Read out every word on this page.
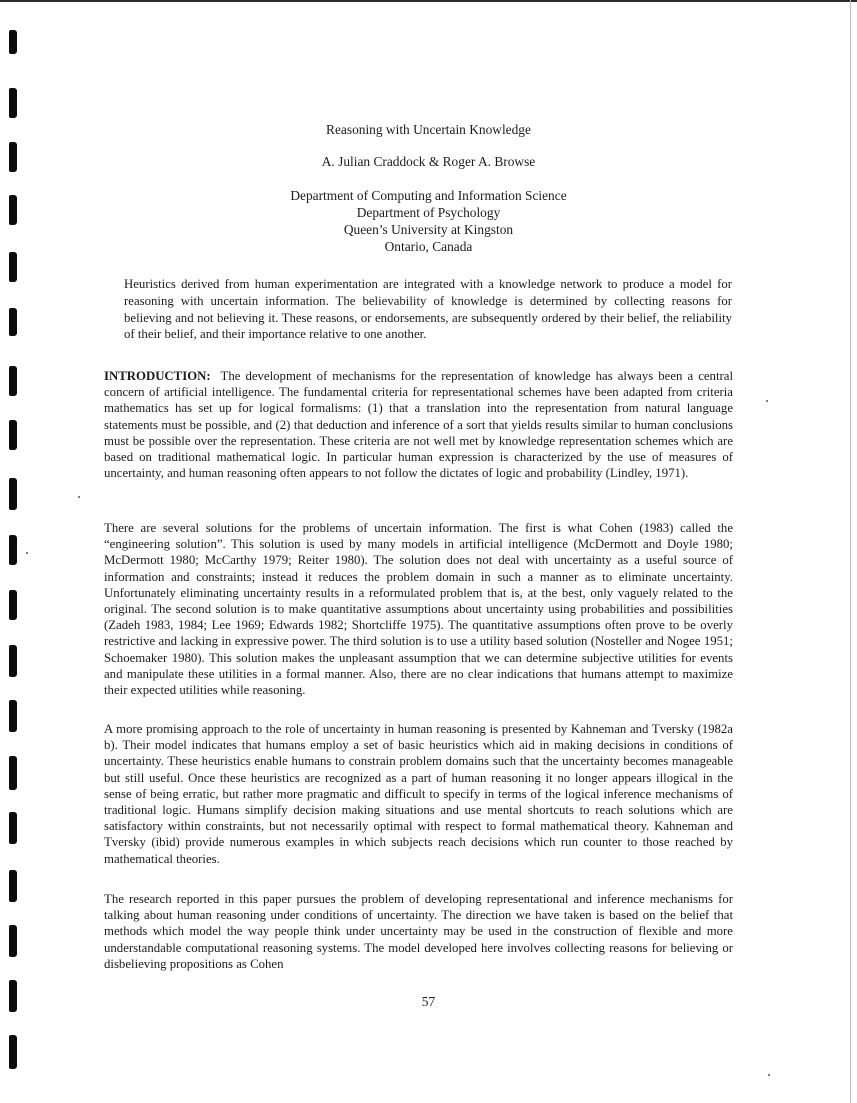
Reasoning with Uncertain Knowledge
A. Julian Craddock & Roger A. Browse
Department of Computing and Information Science
Department of Psychology
Queen’s University at Kingston
Ontario, Canada

Heuristics derived from human experimentation are integrated with a knowledge network to produce a model for reasoning with uncertain information. The believability of knowledge is determined by collecting reasons for believing and not believing it. These reasons, or endorsements, are subsequently ordered by their belief, the reliability of their belief, and their importance relative to one another.

INTRODUCTION: The development of mechanisms for the representation of knowledge has always been a central concern of artificial intelligence. The fundamental criteria for representational schemes have been adapted from criteria mathematics has set up for logical formalisms: (1) that a translation into the representation from natural language statements must be possible, and (2) that deduction and inference of a sort that yields results similar to human conclusions must be possible over the representation. These criteria are not well met by knowledge representation schemes which are based on traditional mathematical logic. In particular human expression is characterized by the use of measures of uncertainty, and human reasoning often appears to not follow the dictates of logic and probability (Lindley, 1971).

There are several solutions for the problems of uncertain information. The first is what Cohen (1983) called the “engineering solution”. This solution is used by many models in artificial intelligence (McDermott and Doyle 1980; McDermott 1980; McCarthy 1979; Reiter 1980). The solution does not deal with uncertainty as a useful source of information and constraints; instead it reduces the problem domain in such a manner as to eliminate uncertainty. Unfortunately eliminating uncertainty results in a reformulated problem that is, at the best, only vaguely related to the original. The second solution is to make quantitative assumptions about uncertainty using probabilities and possibilities (Zadeh 1983, 1984; Lee 1969; Edwards 1982; Shortcliffe 1975). The quantitative assumptions often prove to be overly restrictive and lacking in expressive power. The third solution is to use a utility based solution (Nosteller and Nogee 1951; Schoemaker 1980). This solution makes the unpleasant assumption that we can determine subjective utilities for events and manipulate these utilities in a formal manner. Also, there are no clear indications that humans attempt to maximize their expected utilities while reasoning.

A more promising approach to the role of uncertainty in human reasoning is presented by Kahneman and Tversky (1982a b). Their model indicates that humans employ a set of basic heuristics which aid in making decisions in conditions of uncertainty. These heuristics enable humans to constrain problem domains such that the uncertainty becomes manageable but still useful. Once these heuristics are recognized as a part of human reasoning it no longer appears illogical in the sense of being erratic, but rather more pragmatic and difficult to specify in terms of the logical inference mechanisms of traditional logic. Humans simplify decision making situations and use mental shortcuts to reach solutions which are satisfactory within constraints, but not necessarily optimal with respect to formal mathematical theory. Kahneman and Tversky (ibid) provide numerous examples in which subjects reach decisions which run counter to those reached by mathematical theories.

The research reported in this paper pursues the problem of developing representational and inference mechanisms for talking about human reasoning under conditions of uncertainty. The direction we have taken is based on the belief that methods which model the way people think under uncertainty may be used in the construction of flexible and more understandable computational reasoning systems. The model developed here involves collecting reasons for believing or disbelieving propositions as Cohen

57
